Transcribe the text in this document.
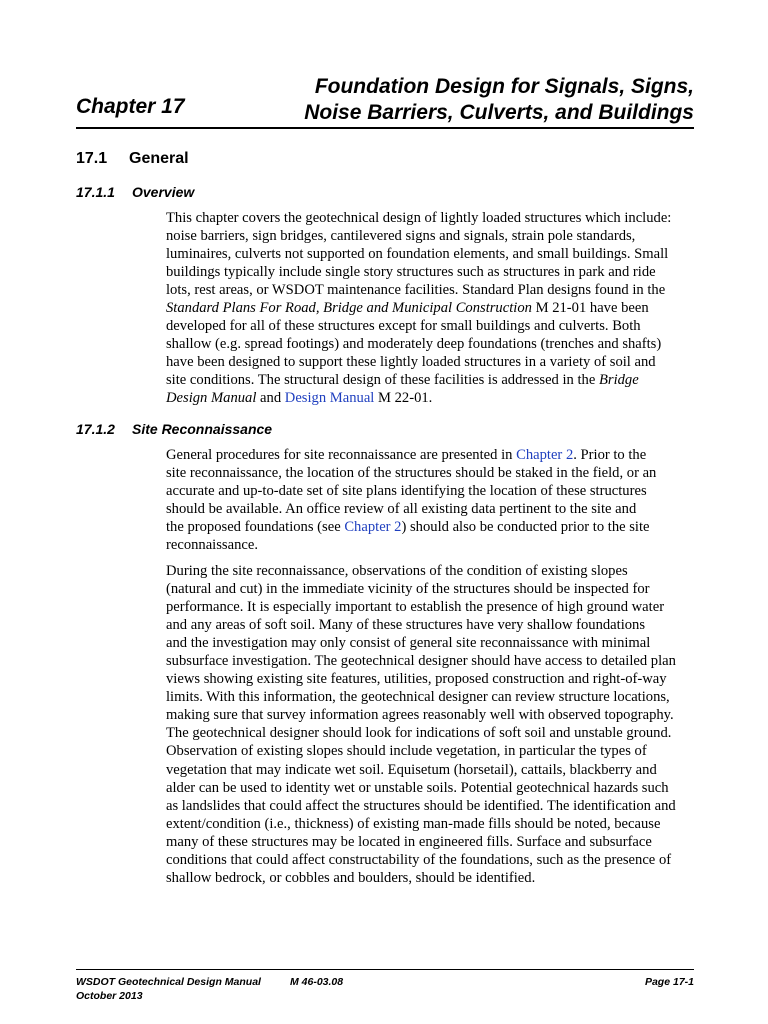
Chapter 17
Foundation Design for Signals, Signs,
Noise Barriers, Culverts, and Buildings
17.1 General
17.1.1 Overview
This chapter covers the geotechnical design of lightly loaded structures which include:
noise barriers, sign bridges, cantilevered signs and signals, strain pole standards,
luminaires, culverts not supported on foundation elements, and small buildings. Small
buildings typically include single story structures such as structures in park and ride
lots, rest areas, or WSDOT maintenance facilities. Standard Plan designs found in the
Standard Plans For Road, Bridge and Municipal Construction M 21-01 have been
developed for all of these structures except for small buildings and culverts. Both
shallow (e.g. spread footings) and moderately deep foundations (trenches and shafts)
have been designed to support these lightly loaded structures in a variety of soil and
site conditions. The structural design of these facilities is addressed in the Bridge
Design Manual and Design Manual M 22-01.
17.1.2 Site Reconnaissance
General procedures for site reconnaissance are presented in Chapter 2. Prior to the
site reconnaissance, the location of the structures should be staked in the field, or an
accurate and up-to-date set of site plans identifying the location of these structures
should be available. An office review of all existing data pertinent to the site and
the proposed foundations (see Chapter 2) should also be conducted prior to the site
reconnaissance.
During the site reconnaissance, observations of the condition of existing slopes
(natural and cut) in the immediate vicinity of the structures should be inspected for
performance. It is especially important to establish the presence of high ground water
and any areas of soft soil. Many of these structures have very shallow foundations
and the investigation may only consist of general site reconnaissance with minimal
subsurface investigation. The geotechnical designer should have access to detailed plan
views showing existing site features, utilities, proposed construction and right-of-way
limits. With this information, the geotechnical designer can review structure locations,
making sure that survey information agrees reasonably well with observed topography.
The geotechnical designer should look for indications of soft soil and unstable ground.
Observation of existing slopes should include vegetation, in particular the types of
vegetation that may indicate wet soil. Equisetum (horsetail), cattails, blackberry and
alder can be used to identity wet or unstable soils. Potential geotechnical hazards such
as landslides that could affect the structures should be identified. The identification and
extent/condition (i.e., thickness) of existing man-made fills should be noted, because
many of these structures may be located in engineered fills. Surface and subsurface
conditions that could affect constructability of the foundations, such as the presence of
shallow bedrock, or cobbles and boulders, should be identified.
WSDOT Geotechnical Design Manual	M 46-03.08
October 2013
Page 17-1
